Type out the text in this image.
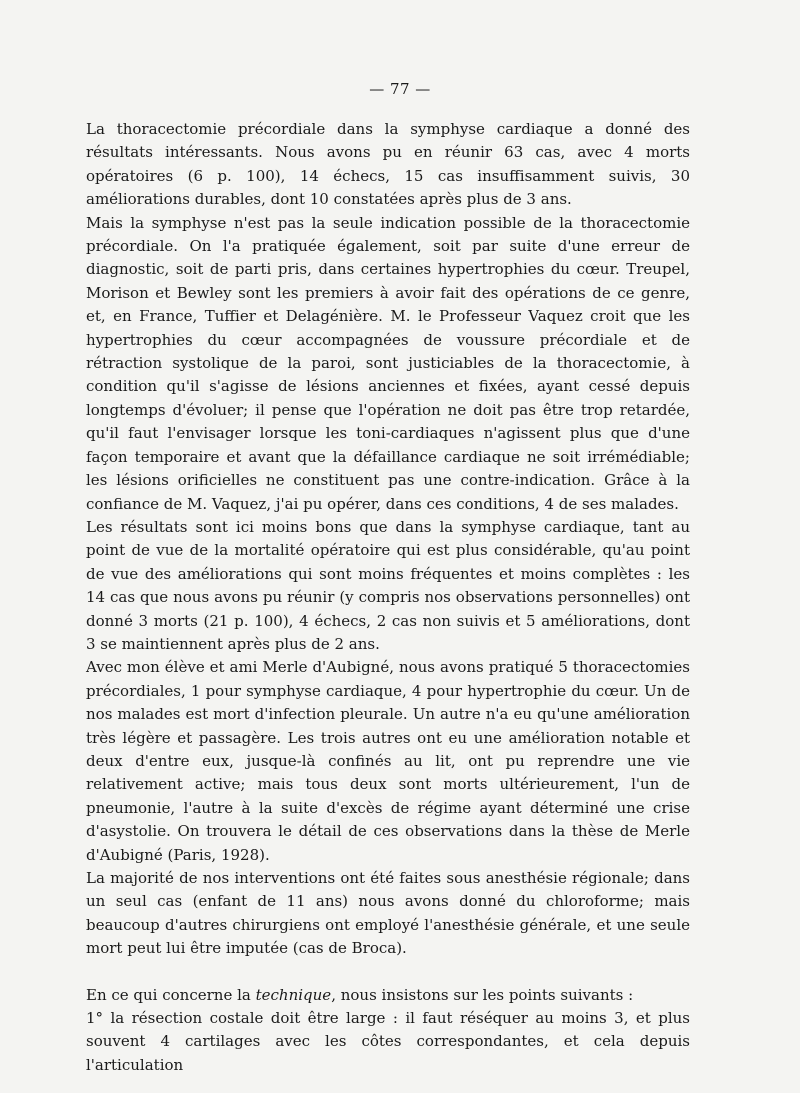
— 77 —

La thoracectomie précordiale dans la symphyse cardiaque a donné des résultats intéressants. Nous avons pu en réunir 63 cas, avec 4 morts opératoires (6 p. 100), 14 échecs, 15 cas insuffisamment suivis, 30 améliorations durables, dont 10 constatées après plus de 3 ans.

Mais la symphyse n'est pas la seule indication possible de la thoracectomie précordiale. On l'a pratiquée également, soit par suite d'une erreur de diagnostic, soit de parti pris, dans certaines hypertrophies du cœur. Treupel, Morison et Bewley sont les premiers à avoir fait des opérations de ce genre, et, en France, Tuffier et Delagénière. M. le Professeur Vaquez croit que les hypertrophies du cœur accompagnées de voussure précordiale et de rétraction systolique de la paroi, sont justiciables de la thoracectomie, à condition qu'il s'agisse de lésions anciennes et fixées, ayant cessé depuis longtemps d'évoluer; il pense que l'opération ne doit pas être trop retardée, qu'il faut l'envisager lorsque les toni-cardiaques n'agissent plus que d'une façon temporaire et avant que la défaillance cardiaque ne soit irrémédiable; les lésions orificielles ne constituent pas une contre-indication. Grâce à la confiance de M. Vaquez, j'ai pu opérer, dans ces conditions, 4 de ses malades.

Les résultats sont ici moins bons que dans la symphyse cardiaque, tant au point de vue de la mortalité opératoire qui est plus considérable, qu'au point de vue des améliorations qui sont moins fréquentes et moins complètes : les 14 cas que nous avons pu réunir (y compris nos observations personnelles) ont donné 3 morts (21 p. 100), 4 échecs, 2 cas non suivis et 5 améliorations, dont 3 se maintiennent après plus de 2 ans.

Avec mon élève et ami Merle d'Aubigné, nous avons pratiqué 5 thoracectomies précordiales, 1 pour symphyse cardiaque, 4 pour hypertrophie du cœur. Un de nos malades est mort d'infection pleurale. Un autre n'a eu qu'une amélioration très légère et passagère. Les trois autres ont eu une amélioration notable et deux d'entre eux, jusque-là confinés au lit, ont pu reprendre une vie relativement active; mais tous deux sont morts ultérieurement, l'un de pneumonie, l'autre à la suite d'excès de régime ayant déterminé une crise d'asystolie. On trouvera le détail de ces observations dans la thèse de Merle d'Aubigné (Paris, 1928).

La majorité de nos interventions ont été faites sous anesthésie régionale; dans un seul cas (enfant de 11 ans) nous avons donné du chloroforme; mais beaucoup d'autres chirurgiens ont employé l'anesthésie générale, et une seule mort peut lui être imputée (cas de Broca).

En ce qui concerne la technique, nous insistons sur les points suivants :

1° la résection costale doit être large : il faut réséquer au moins 3, et plus souvent 4 cartilages avec les côtes correspondantes, et cela depuis l'articulation
